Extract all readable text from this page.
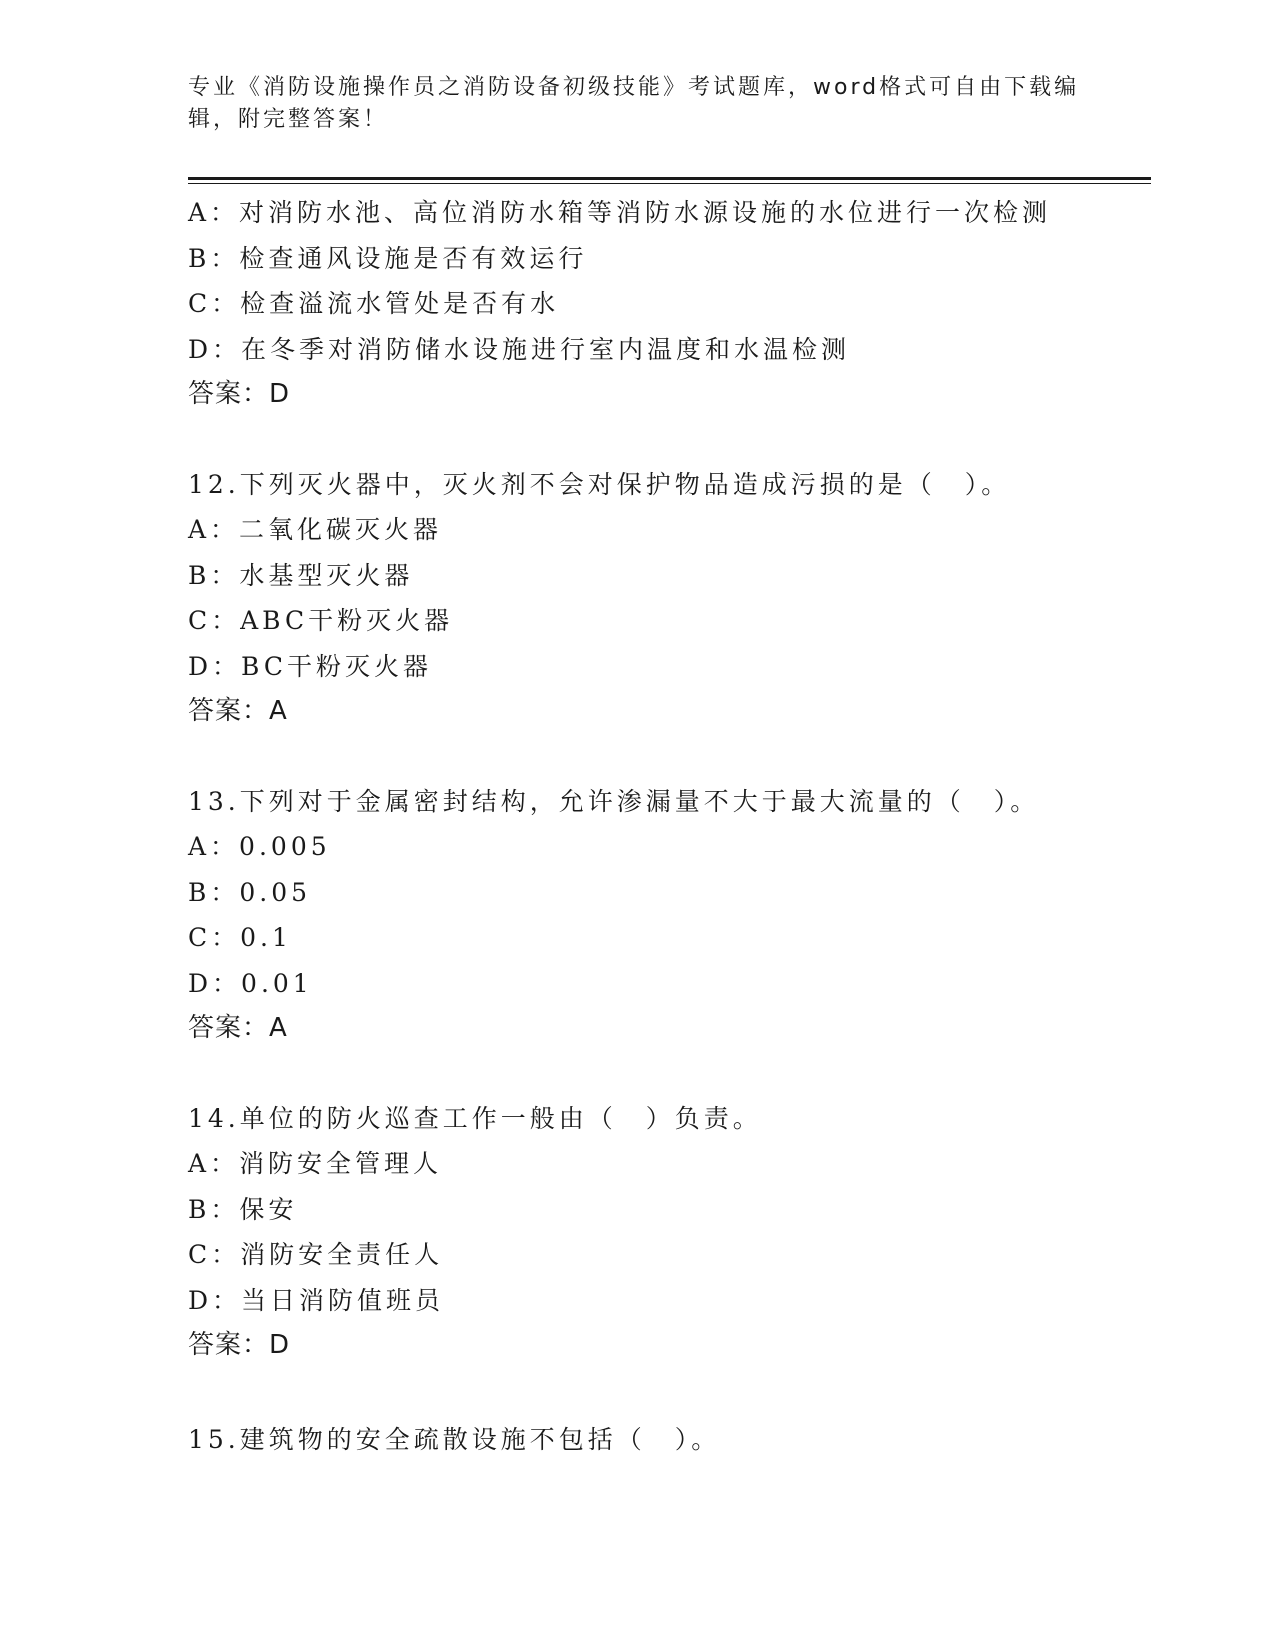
专业《消防设施操作员之消防设备初级技能》考试题库，word格式可自由下载编辑，附完整答案！
A：对消防水池、高位消防水箱等消防水源设施的水位进行一次检测
B：检查通风设施是否有效运行
C：检查溢流水管处是否有水
D：在冬季对消防储水设施进行室内温度和水温检测
答案：D
12.下列灭火器中，灭火剂不会对保护物品造成污损的是（　）。
A：二氧化碳灭火器
B：水基型灭火器
C：ABC干粉灭火器
D：BC干粉灭火器
答案：A
13.下列对于金属密封结构，允许渗漏量不大于最大流量的（　）。
A：0.005
B：0.05
C：0.1
D：0.01
答案：A
14.单位的防火巡查工作一般由（　）负责。
A：消防安全管理人
B：保安
C：消防安全责任人
D：当日消防值班员
答案：D
15.建筑物的安全疏散设施不包括（　）。
